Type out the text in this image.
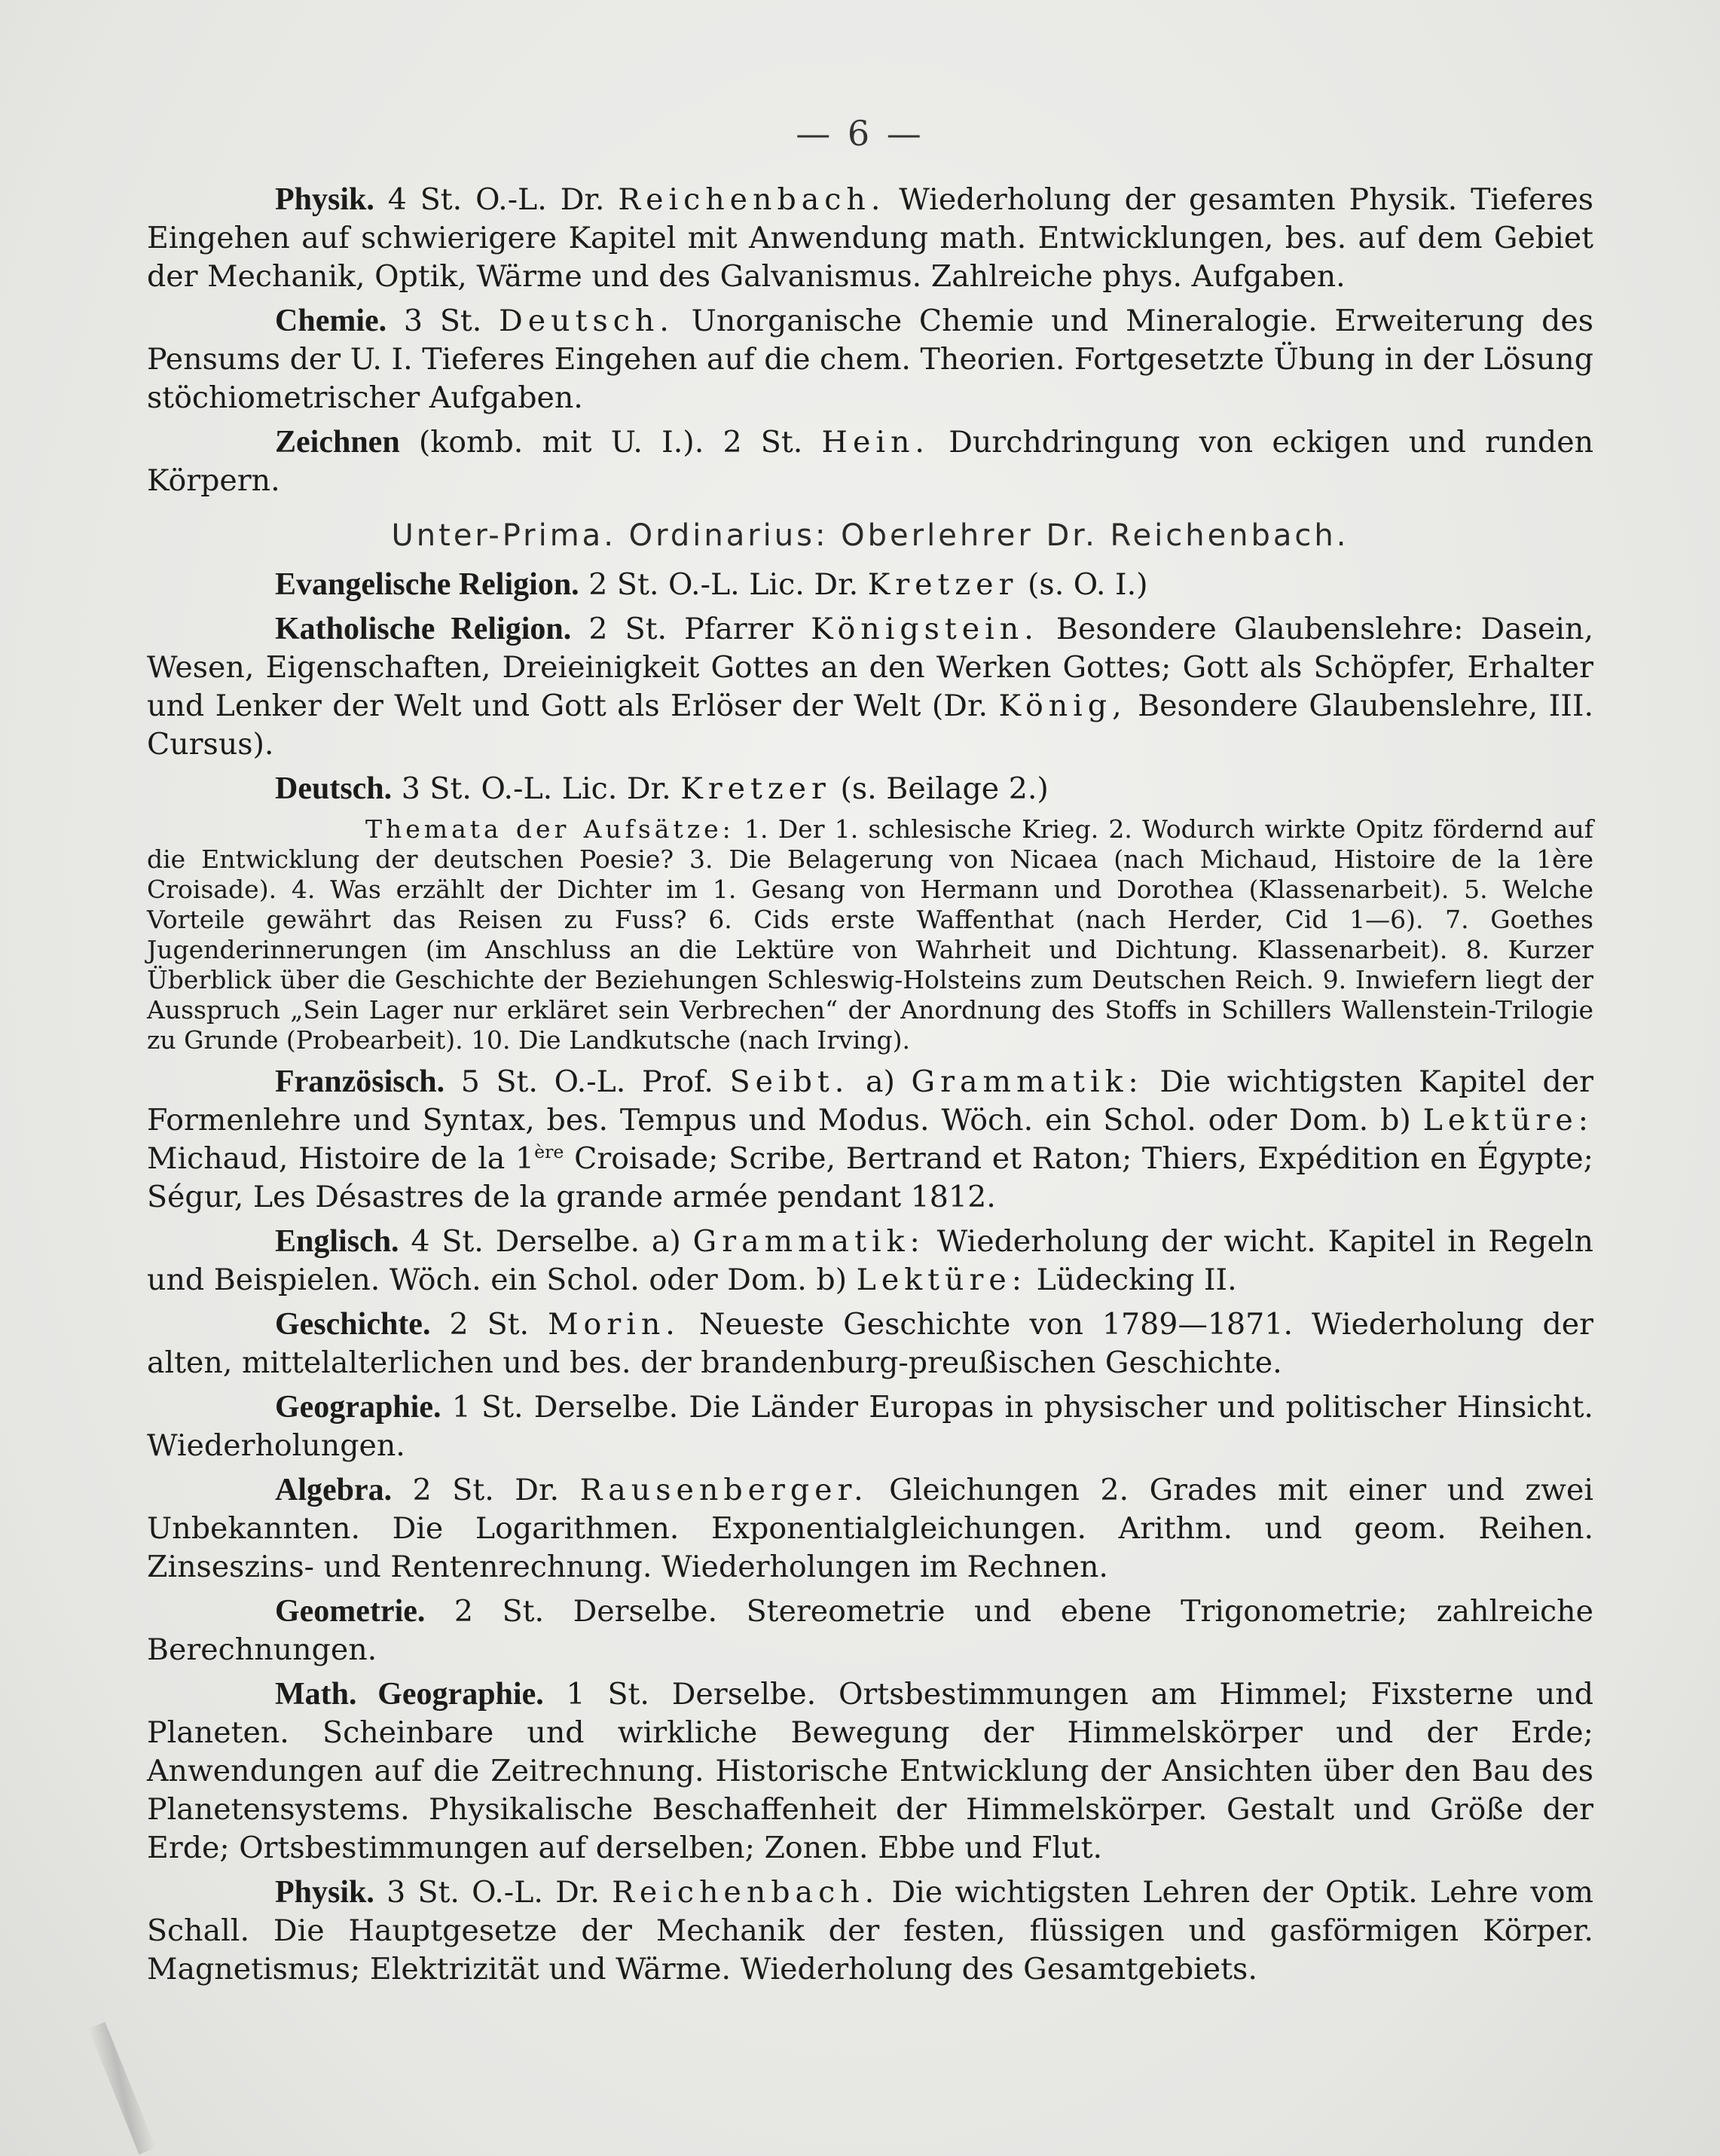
— 6 —

Physik. 4 St. O.-L. Dr. Reichenbach. Wiederholung der gesamten Physik. Tieferes Eingehen auf schwierigere Kapitel mit Anwendung math. Entwicklungen, bes. auf dem Gebiet der Mechanik, Optik, Wärme und des Galvanismus. Zahlreiche phys. Aufgaben.

Chemie. 3 St. Deutsch. Unorganische Chemie und Mineralogie. Erweiterung des Pensums der U. I. Tieferes Eingehen auf die chem. Theorien. Fortgesetzte Übung in der Lösung stöchiometrischer Aufgaben.

Zeichnen (komb. mit U. I.). 2 St. Hein. Durchdringung von eckigen und runden Körpern.

Unter-Prima. Ordinarius: Oberlehrer Dr. Reichenbach.

Evangelische Religion. 2 St. O.-L. Lic. Dr. Kretzer (s. O. I.)

Katholische Religion. 2 St. Pfarrer Königstein. Besondere Glaubenslehre: Dasein, Wesen, Eigenschaften, Dreieinigkeit Gottes an den Werken Gottes; Gott als Schöpfer, Erhalter und Lenker der Welt und Gott als Erlöser der Welt (Dr. König, Besondere Glaubenslehre, III. Cursus).

Deutsch. 3 St. O.-L. Lic. Dr. Kretzer (s. Beilage 2.)

Themata der Aufsätze: 1. Der 1. schlesische Krieg. 2. Wodurch wirkte Opitz fördernd auf die Entwicklung der deutschen Poesie? 3. Die Belagerung von Nicaea (nach Michaud, Histoire de la 1ère Croisade). 4. Was erzählt der Dichter im 1. Gesang von Hermann und Dorothea (Klassenarbeit). 5. Welche Vorteile gewährt das Reisen zu Fuss? 6. Cids erste Waffenthat (nach Herder, Cid 1—6). 7. Goethes Jugenderinnerungen (im Anschluss an die Lektüre von Wahrheit und Dichtung. Klassenarbeit). 8. Kurzer Überblick über die Geschichte der Beziehungen Schleswig-Holsteins zum Deutschen Reich. 9. Inwiefern liegt der Ausspruch „Sein Lager nur erkläret sein Verbrechen“ der Anordnung des Stoffs in Schillers Wallenstein-Trilogie zu Grunde (Probearbeit). 10. Die Landkutsche (nach Irving).

Französisch. 5 St. O.-L. Prof. Seibt. a) Grammatik: Die wichtigsten Kapitel der Formenlehre und Syntax, bes. Tempus und Modus. Wöch. ein Schol. oder Dom. b) Lektüre: Michaud, Histoire de la 1ère Croisade; Scribe, Bertrand et Raton; Thiers, Expédition en Égypte; Ségur, Les Désastres de la grande armée pendant 1812.

Englisch. 4 St. Derselbe. a) Grammatik: Wiederholung der wicht. Kapitel in Regeln und Beispielen. Wöch. ein Schol. oder Dom. b) Lektüre: Lüdecking II.

Geschichte. 2 St. Morin. Neueste Geschichte von 1789—1871. Wiederholung der alten, mittelalterlichen und bes. der brandenburg-preußischen Geschichte.

Geographie. 1 St. Derselbe. Die Länder Europas in physischer und politischer Hinsicht. Wiederholungen.

Algebra. 2 St. Dr. Rausenberger. Gleichungen 2. Grades mit einer und zwei Unbekannten. Die Logarithmen. Exponentialgleichungen. Arithm. und geom. Reihen. Zinseszins- und Rentenrechnung. Wiederholungen im Rechnen.

Geometrie. 2 St. Derselbe. Stereometrie und ebene Trigonometrie; zahlreiche Berechnungen.

Math. Geographie. 1 St. Derselbe. Ortsbestimmungen am Himmel; Fixsterne und Planeten. Scheinbare und wirkliche Bewegung der Himmelskörper und der Erde; Anwendungen auf die Zeitrechnung. Historische Entwicklung der Ansichten über den Bau des Planetensystems. Physikalische Beschaffenheit der Himmelskörper. Gestalt und Größe der Erde; Ortsbestimmungen auf derselben; Zonen. Ebbe und Flut.

Physik. 3 St. O.-L. Dr. Reichenbach. Die wichtigsten Lehren der Optik. Lehre vom Schall. Die Hauptgesetze der Mechanik der festen, flüssigen und gasförmigen Körper. Magnetismus; Elektrizität und Wärme. Wiederholung des Gesamtgebiets.
